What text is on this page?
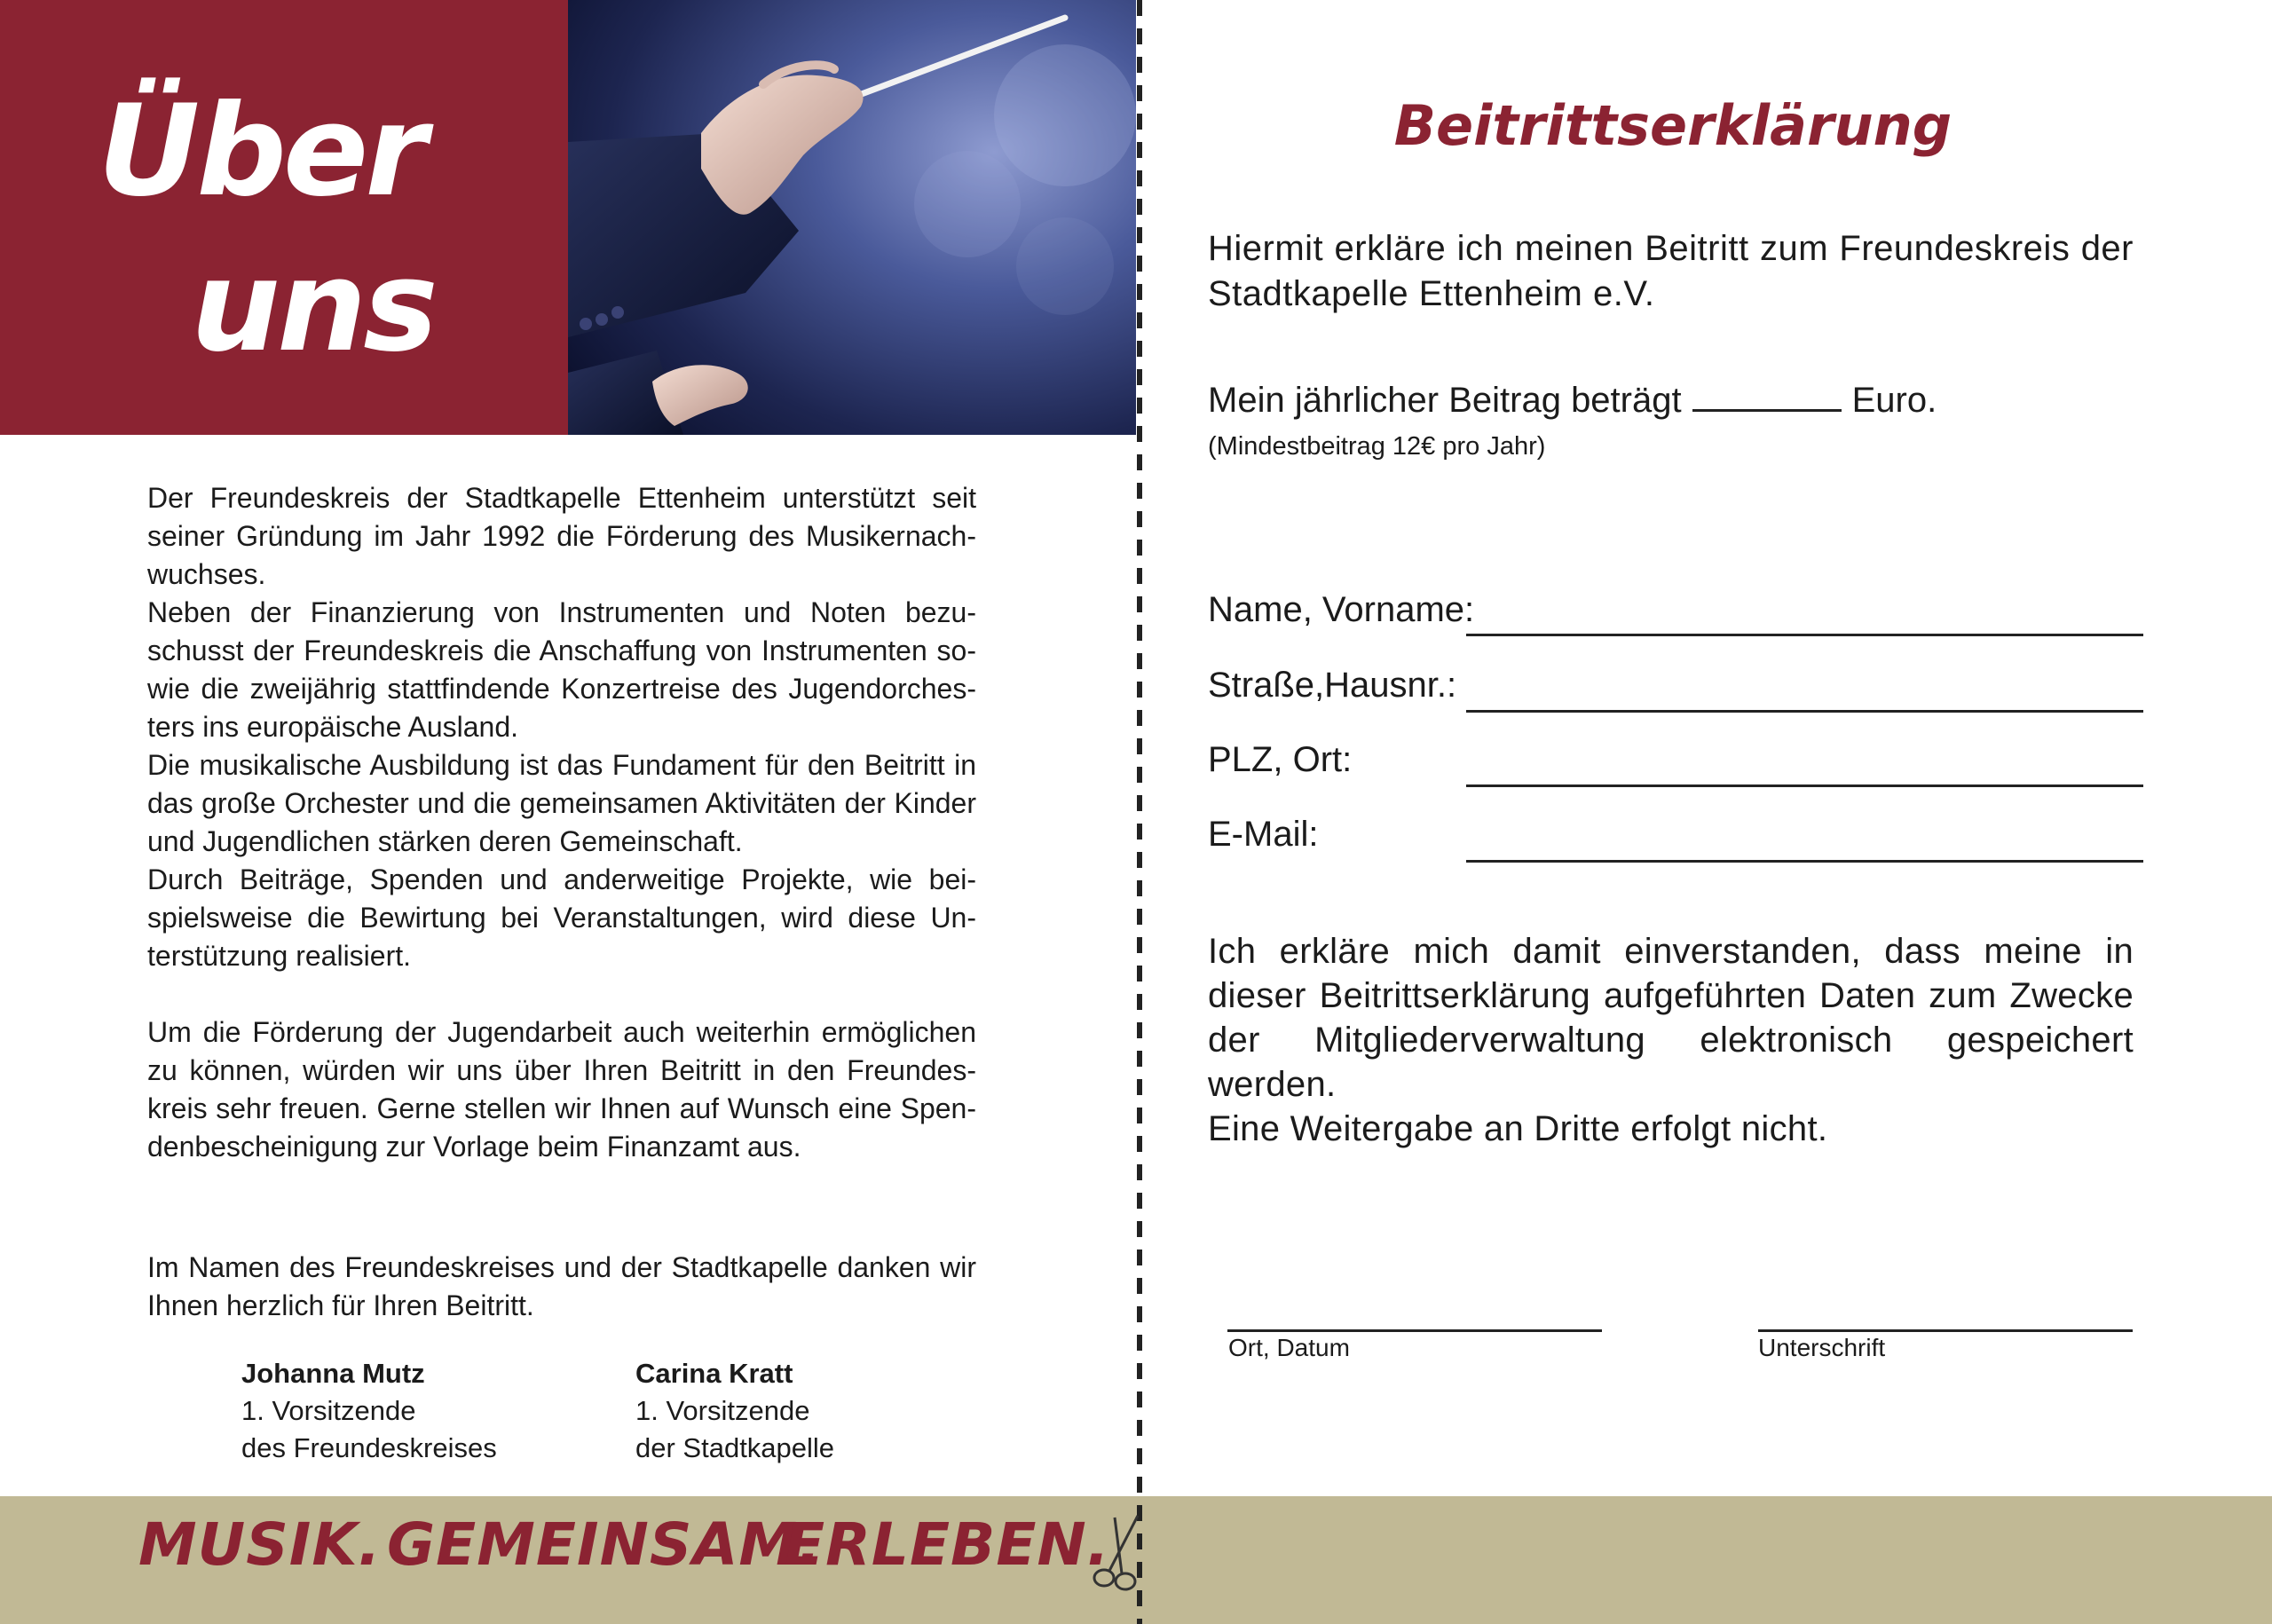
Über
uns

Der Freundeskreis der Stadtkapelle Ettenheim unterstützt seit seiner Gründung im Jahr 1992 die Förderung des Musikernachwuchses.

Neben der Finanzierung von Instrumenten und Noten bezuschusst der Freundeskreis die Anschaffung von Instrumenten sowie die zweijährig stattfindende Konzertreise des Jugendorchesters ins europäische Ausland.

Die musikalische Ausbildung ist das Fundament für den Beitritt in das große Orchester und die gemeinsamen Aktivitäten der Kinder und Jugendlichen stärken deren Gemeinschaft.

Durch Beiträge, Spenden und anderweitige Projekte, wie beispielsweise die Bewirtung bei Veranstaltungen, wird diese Unterstützung realisiert.

Um die Förderung der Jugendarbeit auch weiterhin ermöglichen zu können, würden wir uns über Ihren Beitritt in den Freundeskreis sehr freuen. Gerne stellen wir Ihnen auf Wunsch eine Spendenbescheinigung zur Vorlage beim Finanzamt aus.

Im Namen des Freundeskreises und der Stadtkapelle danken wir Ihnen herzlich für Ihren Beitritt.

Johanna Mutz
1. Vorsitzende
des Freundeskreises
Carina Kratt
1. Vorsitzende
der Stadtkapelle
MUSIK. GEMEINSAM.
ERLEBEN.
Beitrittserklärung
Hiermit erkläre ich meinen Beitritt zum Freundeskreis der Stadtkapelle Ettenheim e.V.
Mein jährlicher Beitrag beträgt	Euro.
(Mindestbeitrag 12€ pro Jahr)
Name, Vorname:
Straße,Hausnr.:
PLZ, Ort:
E-Mail:

Ich erkläre mich damit einverstanden, dass meine in dieser Beitrittserklärung aufgeführten Daten zum Zwecke der Mitgliederverwaltung elektronisch gespeichert werden.

Eine Weitergabe an Dritte erfolgt nicht.

Ort, Datum	Unterschrift
